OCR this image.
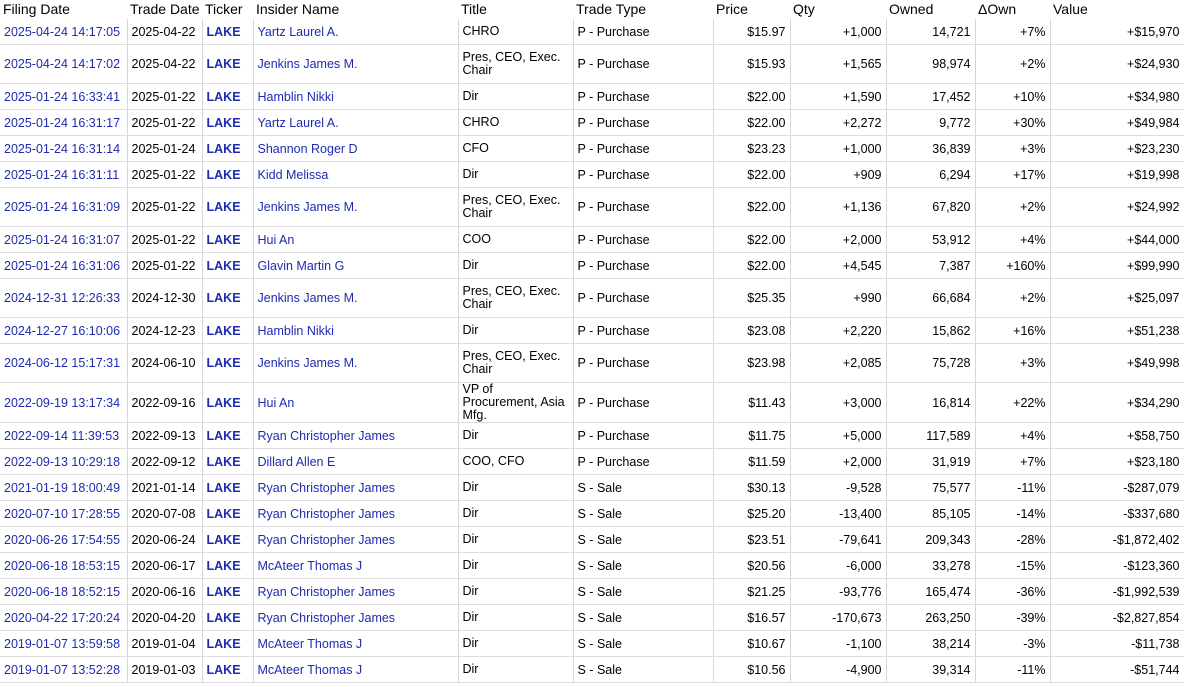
Filing Date	Trade Date	Ticker	Insider Name	Title	Trade Type	Price	Qty	Owned	ΔOwn	Value
2025-04-24 14:17:05	2025-04-22	LAKE	Yartz Laurel A.	CHRO	P - Purchase	$15.97	+1,000	14,721	+7%	+$15,970
2025-04-24 14:17:02	2025-04-22	LAKE	Jenkins James M.	Pres, CEO, Exec. Chair	P - Purchase	$15.93	+1,565	98,974	+2%	+$24,930
2025-01-24 16:33:41	2025-01-22	LAKE	Hamblin Nikki	Dir	P - Purchase	$22.00	+1,590	17,452	+10%	+$34,980
2025-01-24 16:31:17	2025-01-22	LAKE	Yartz Laurel A.	CHRO	P - Purchase	$22.00	+2,272	9,772	+30%	+$49,984
2025-01-24 16:31:14	2025-01-24	LAKE	Shannon Roger D	CFO	P - Purchase	$23.23	+1,000	36,839	+3%	+$23,230
2025-01-24 16:31:11	2025-01-22	LAKE	Kidd Melissa	Dir	P - Purchase	$22.00	+909	6,294	+17%	+$19,998
2025-01-24 16:31:09	2025-01-22	LAKE	Jenkins James M.	Pres, CEO, Exec. Chair	P - Purchase	$22.00	+1,136	67,820	+2%	+$24,992
2025-01-24 16:31:07	2025-01-22	LAKE	Hui An	COO	P - Purchase	$22.00	+2,000	53,912	+4%	+$44,000
2025-01-24 16:31:06	2025-01-22	LAKE	Glavin Martin G	Dir	P - Purchase	$22.00	+4,545	7,387	+160%	+$99,990
2024-12-31 12:26:33	2024-12-30	LAKE	Jenkins James M.	Pres, CEO, Exec. Chair	P - Purchase	$25.35	+990	66,684	+2%	+$25,097
2024-12-27 16:10:06	2024-12-23	LAKE	Hamblin Nikki	Dir	P - Purchase	$23.08	+2,220	15,862	+16%	+$51,238
2024-06-12 15:17:31	2024-06-10	LAKE	Jenkins James M.	Pres, CEO, Exec. Chair	P - Purchase	$23.98	+2,085	75,728	+3%	+$49,998
2022-09-19 13:17:34	2022-09-16	LAKE	Hui An	VP of Procurement, Asia Mfg.	P - Purchase	$11.43	+3,000	16,814	+22%	+$34,290
2022-09-14 11:39:53	2022-09-13	LAKE	Ryan Christopher James	Dir	P - Purchase	$11.75	+5,000	117,589	+4%	+$58,750
2022-09-13 10:29:18	2022-09-12	LAKE	Dillard Allen E	COO, CFO	P - Purchase	$11.59	+2,000	31,919	+7%	+$23,180
2021-01-19 18:00:49	2021-01-14	LAKE	Ryan Christopher James	Dir	S - Sale	$30.13	-9,528	75,577	-11%	-$287,079
2020-07-10 17:28:55	2020-07-08	LAKE	Ryan Christopher James	Dir	S - Sale	$25.20	-13,400	85,105	-14%	-$337,680
2020-06-26 17:54:55	2020-06-24	LAKE	Ryan Christopher James	Dir	S - Sale	$23.51	-79,641	209,343	-28%	-$1,872,402
2020-06-18 18:53:15	2020-06-17	LAKE	McAteer Thomas J	Dir	S - Sale	$20.56	-6,000	33,278	-15%	-$123,360
2020-06-18 18:52:15	2020-06-16	LAKE	Ryan Christopher James	Dir	S - Sale	$21.25	-93,776	165,474	-36%	-$1,992,539
2020-04-22 17:20:24	2020-04-20	LAKE	Ryan Christopher James	Dir	S - Sale	$16.57	-170,673	263,250	-39%	-$2,827,854
2019-01-07 13:59:58	2019-01-04	LAKE	McAteer Thomas J	Dir	S - Sale	$10.67	-1,100	38,214	-3%	-$11,738
2019-01-07 13:52:28	2019-01-03	LAKE	McAteer Thomas J	Dir	S - Sale	$10.56	-4,900	39,314	-11%	-$51,744
